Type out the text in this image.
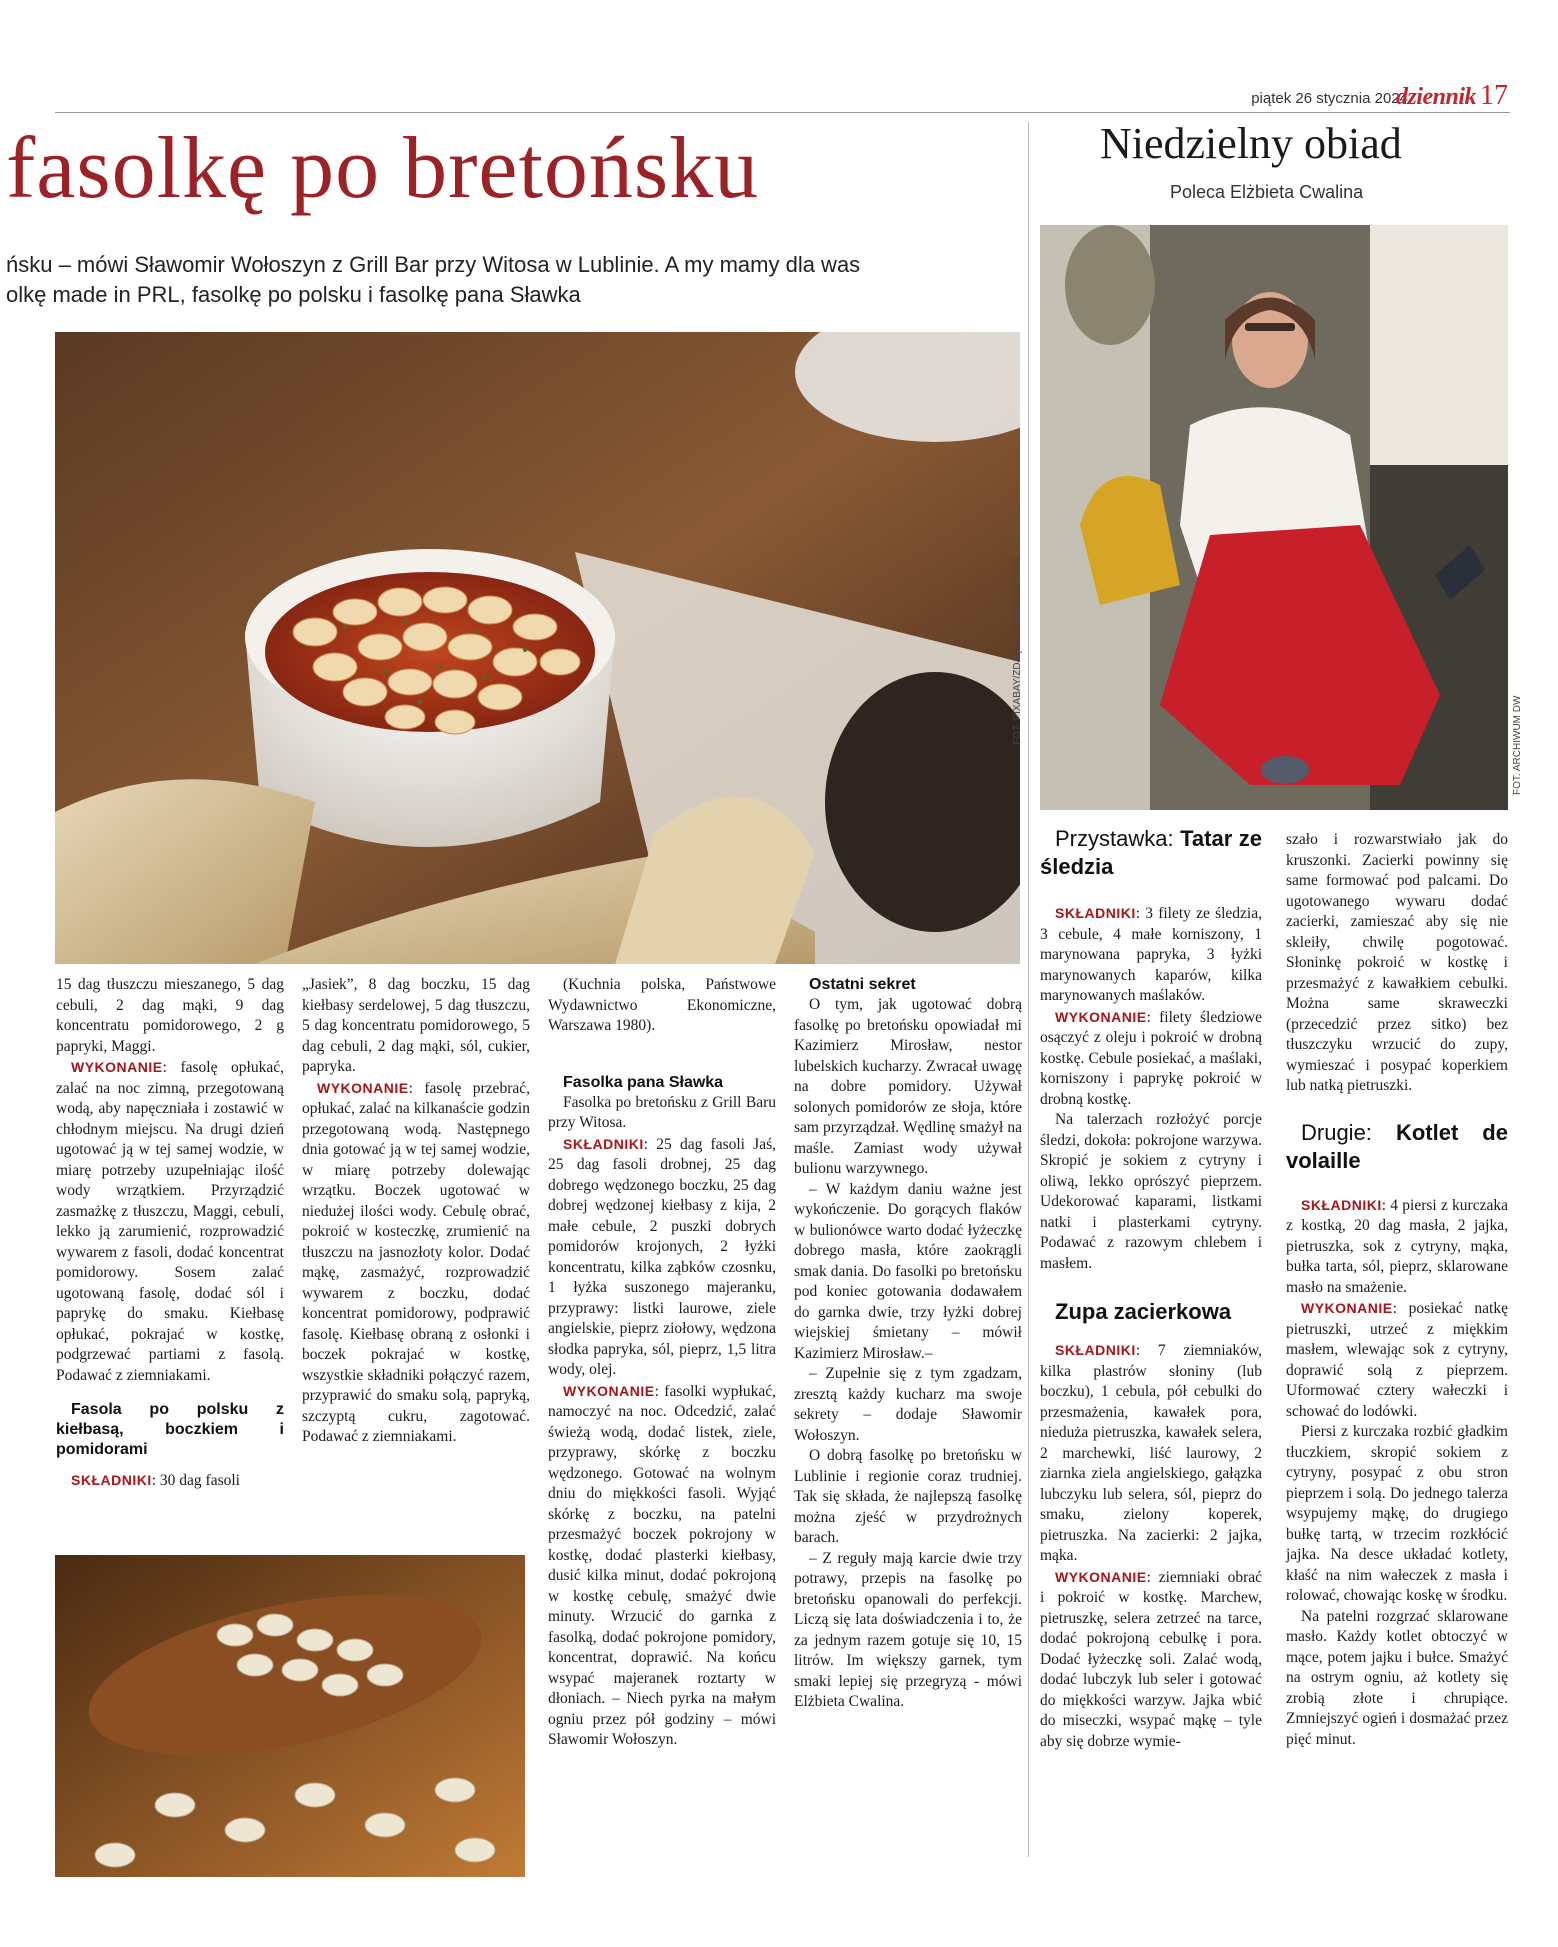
piątek 26 stycznia 2024
dziennik 17
fasolkę po bretońsku
ńsku – mówi Sławomir Wołoszyn z Grill Bar przy Witosa w Lublinie. A my mamy dla was
olkę made in PRL, fasolkę po polsku i fasolkę pana Sławka
FOT. PIXABAY/ZDJĘCIE ILUSTRACYJNE
Niedzielny obiad
Poleca Elżbieta Cwalina
FOT. ARCHIWUM DW

15 dag tłuszczu mieszanego, 5 dag cebuli, 2 dag mąki, 9 dag koncentratu pomidorowego, 2 g papryki, Maggi.

WYKONANIE: fasolę opłukać, zalać na noc zimną, przegotowaną wodą, aby napęczniała i zostawić w chłodnym miejscu. Na drugi dzień ugotować ją w tej samej wodzie, w miarę potrzeby uzupełniając ilość wody wrzątkiem. Przyrządzić zasmażkę z tłuszczu, Maggi, cebuli, lekko ją zarumienić, rozprowadzić wywarem z fasoli, dodać koncentrat pomidorowy. Sosem zalać ugotowaną fasolę, dodać sól i paprykę do smaku. Kiełbasę opłukać, pokrajać w kostkę, podgrzewać partiami z fasolą. Podawać z ziemniakami.

Fasola po polsku z kiełbasą, boczkiem i pomidorami

SKŁADNIKI: 30 dag fasoli

„Jasiek”, 8 dag boczku, 15 dag kiełbasy serdelowej, 5 dag tłuszczu, 5 dag koncentratu pomidorowego, 5 dag cebuli, 2 dag mąki, sól, cukier, papryka.

WYKONANIE: fasolę przebrać, opłukać, zalać na kilkanaście godzin przegotowaną wodą. Następnego dnia gotować ją w tej samej wodzie, w miarę potrzeby dolewając wrzątku. Boczek ugotować w niedużej ilości wody. Cebulę obrać, pokroić w kosteczkę, zrumienić na tłuszczu na jasnozłoty kolor. Dodać mąkę, zasmażyć, rozprowadzić wywarem z boczku, dodać koncentrat pomidorowy, podprawić fasolę. Kiełbasę obraną z osłonki i boczek pokrajać w kostkę, wszystkie składniki połączyć razem, przyprawić do smaku solą, papryką, szczyptą cukru, zagotować. Podawać z ziemniakami.

(Kuchnia polska, Państwowe Wydawnictwo Ekonomiczne, Warszawa 1980).

Fasolka pana Sławka

Fasolka po bretońsku z Grill Baru przy Witosa.

SKŁADNIKI: 25 dag fasoli Jaś, 25 dag fasoli drobnej, 25 dag dobrego wędzonego boczku, 25 dag dobrej wędzonej kiełbasy z kija, 2 małe cebule, 2 puszki dobrych pomidorów krojonych, 2 łyżki koncentratu, kilka ząbków czosnku, 1 łyżka suszonego majeranku, przyprawy: listki laurowe, ziele angielskie, pieprz ziołowy, wędzona słodka papryka, sól, pieprz, 1,5 litra wody, olej.

WYKONANIE: fasolki wypłukać, namoczyć na noc. Odcedzić, zalać świeżą wodą, dodać listek, ziele, przyprawy, skórkę z boczku wędzonego. Gotować na wolnym dniu do miękkości fasoli. Wyjąć skórkę z boczku, na patelni przesmażyć boczek pokrojony w kostkę, dodać plasterki kiełbasy, dusić kilka minut, dodać pokrojoną w kostkę cebulę, smażyć dwie minuty. Wrzucić do garnka z fasolką, dodać pokrojone pomidory, koncentrat, doprawić. Na końcu wsypać majeranek roztarty w dłoniach. – Niech pyrka na małym ogniu przez pół godziny – mówi Sławomir Wołoszyn.

Ostatni sekret

O tym, jak ugotować dobrą fasolkę po bretońsku opowiadał mi Kazimierz Mirosław, nestor lubelskich kucharzy. Zwracał uwagę na dobre pomidory. Używał solonych pomidorów ze słoja, które sam przyrządzał. Wędlinę smażył na maśle. Zamiast wody używał bulionu warzywnego.

– W każdym daniu ważne jest wykończenie. Do gorących flaków w bulionówce warto dodać łyżeczkę dobrego masła, które zaokrągli smak dania. Do fasolki po bretońsku pod koniec gotowania dodawałem do garnka dwie, trzy łyżki dobrej wiejskiej śmietany – mówił Kazimierz Mirosław.–

– Zupełnie się z tym zgadzam, zresztą każdy kucharz ma swoje sekrety – dodaje Sławomir Wołoszyn.

O dobrą fasolkę po bretońsku w Lublinie i regionie coraz trudniej. Tak się składa, że najlepszą fasolkę można zjeść w przydrożnych barach.

– Z reguły mają karcie dwie trzy potrawy, przepis na fasolkę po bretońsku opanowali do perfekcji. Liczą się lata doświadczenia i to, że za jednym razem gotuje się 10, 15 litrów. Im większy garnek, tym smaki lepiej się przegryzą - mówi Elżbieta Cwalina.

Przystawka: Tatar ze śledzia

SKŁADNIKI: 3 filety ze śledzia, 3 cebule, 4 małe korniszony, 1 marynowana papryka, 3 łyżki marynowanych kaparów, kilka marynowanych maślaków.

WYKONANIE: filety śledziowe osączyć z oleju i pokroić w drobną kostkę. Cebule posiekać, a maślaki, korniszony i paprykę pokroić w drobną kostkę.

Na talerzach rozłożyć porcje śledzi, dokoła: pokrojone warzywa. Skropić je sokiem z cytryny i oliwą, lekko oprószyć pieprzem. Udekorować kaparami, listkami natki i plasterkami cytryny. Podawać z razowym chlebem i masłem.

Zupa zacierkowa

SKŁADNIKI: 7 ziemniaków, kilka plastrów słoniny (lub boczku), 1 cebula, pół cebulki do przesmażenia, kawałek pora, nieduża pietruszka, kawałek selera, 2 marchewki, liść laurowy, 2 ziarnka ziela angielskiego, gałązka lubczyku lub selera, sól, pieprz do smaku, zielony koperek, pietruszka. Na zacierki: 2 jajka, mąka.

WYKONANIE: ziemniaki obrać i pokroić w kostkę. Marchew, pietruszkę, selera zetrzeć na tarce, dodać pokrojoną cebulkę i pora. Dodać łyżeczkę soli. Zalać wodą, dodać lubczyk lub seler i gotować do miękkości warzyw. Jajka wbić do miseczki, wsypać mąkę – tyle aby się dobrze wymie-

szało i rozwarstwiało jak do kruszonki. Zacierki powinny się same formować pod palcami. Do ugotowanego wywaru dodać zacierki, zamieszać aby się nie skleiły, chwilę pogotować. Słoninkę pokroić w kostkę i przesmażyć z kawałkiem cebulki. Można same skraweczki (przecedzić przez sitko) bez tłuszczyku wrzucić do zupy, wymieszać i posypać koperkiem lub natką pietruszki.

Drugie: Kotlet de volaille

SKŁADNIKI: 4 piersi z kurczaka z kostką, 20 dag masła, 2 jajka, pietruszka, sok z cytryny, mąka, bułka tarta, sól, pieprz, sklarowane masło na smażenie.

WYKONANIE: posiekać natkę pietruszki, utrzeć z miękkim masłem, wlewając sok z cytryny, doprawić solą z pieprzem. Uformować cztery wałeczki i schować do lodówki.

Piersi z kurczaka rozbić gładkim tłuczkiem, skropić sokiem z cytryny, posypać z obu stron pieprzem i solą. Do jednego talerza wsypujemy mąkę, do drugiego bułkę tartą, w trzecim rozkłócić jajka. Na desce układać kotlety, kłaść na nim wałeczek z masła i rolować, chowając koskę w środku.

Na patelni rozgrzać sklarowane masło. Każdy kotlet obtoczyć w mące, potem jajku i bułce. Smażyć na ostrym ogniu, aż kotlety się zrobią złote i chrupiące. Zmniejszyć ogień i dosmażać przez pięć minut.
